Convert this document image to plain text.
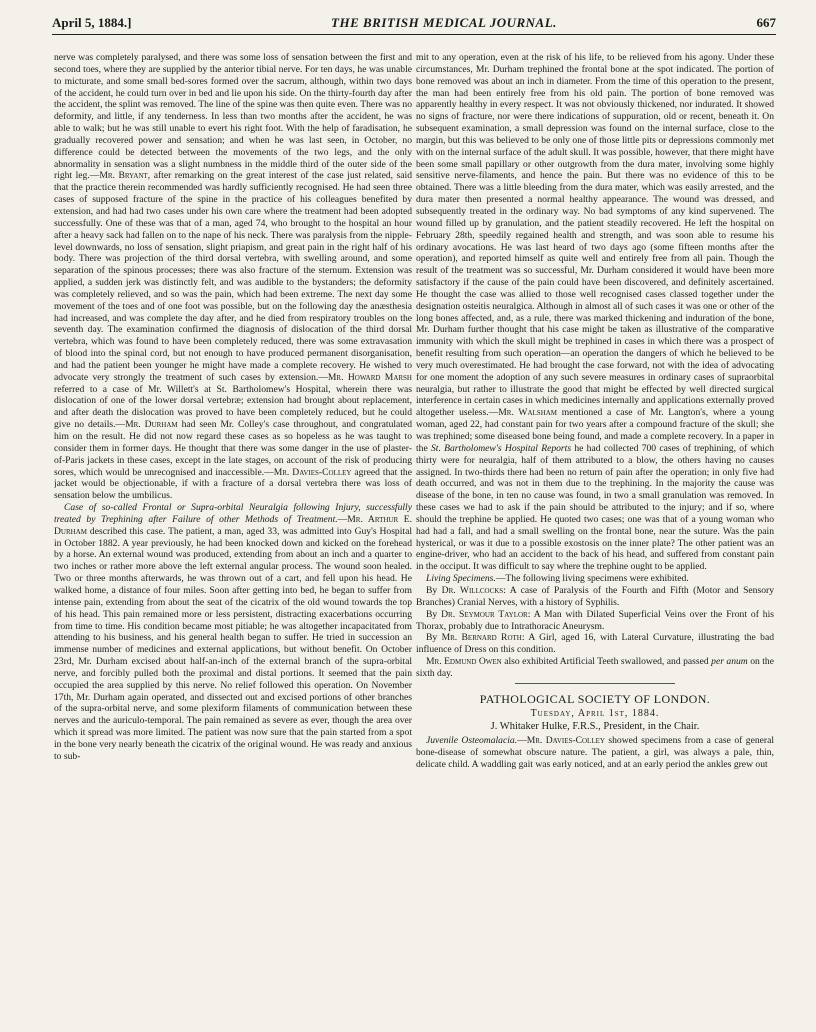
April 5, 1884.]	THE BRITISH MEDICAL JOURNAL.	667

nerve was completely paralysed, and there was some loss of sensation between the first and second toes, where they are supplied by the anterior tibial nerve. For ten days, he was unable to micturate, and some small bed-sores formed over the sacrum, although, within two days of the accident, he could turn over in bed and lie upon his side. On the thirty-fourth day after the accident, the splint was removed. The line of the spine was then quite even. There was no deformity, and little, if any tenderness. In less than two months after the accident, he was able to walk; but he was still unable to evert his right foot. With the help of faradisation, he gradually recovered power and sensation; and when he was last seen, in October, no difference could be detected between the movements of the two legs, and the only abnormality in sensation was a slight numbness in the middle third of the outer side of the right leg.—Mr. Bryant, after remarking on the great interest of the case just related, said that the practice therein recommended was hardly sufficiently recognised. He had seen three cases of supposed fracture of the spine in the practice of his colleagues benefited by extension, and had had two cases under his own care where the treatment had been adopted successfully. One of these was that of a man, aged 74, who brought to the hospital an hour after a heavy sack had fallen on to the nape of his neck. There was paralysis from the nipple-level downwards, no loss of sensation, slight priapism, and great pain in the right half of his body. There was projection of the third dorsal vertebra, with swelling around, and some separation of the spinous processes; there was also fracture of the sternum. Extension was applied, a sudden jerk was distinctly felt, and was audible to the bystanders; the deformity was completely relieved, and so was the pain, which had been extreme. The next day some movement of the toes and of one foot was possible, but on the following day the anæsthesia had increased, and was complete the day after, and he died from respiratory troubles on the seventh day. The examination confirmed the diagnosis of dislocation of the third dorsal vertebra, which was found to have been completely reduced, there was some extravasation of blood into the spinal cord, but not enough to have produced permanent disorganisation, and had the patient been younger he might have made a complete recovery. He wished to advocate very strongly the treatment of such cases by extension.—Mr. Howard Marsh referred to a case of Mr. Willett's at St. Bartholomew's Hospital, wherein there was dislocation of one of the lower dorsal vertebræ; extension had brought about replacement, and after death the dislocation was proved to have been completely reduced, but he could give no details.—Mr. Durham had seen Mr. Colley's case throughout, and congratulated him on the result. He did not now regard these cases as so hopeless as he was taught to consider them in former days. He thought that there was some danger in the use of plaster-of-Paris jackets in these cases, except in the late stages, on account of the risk of producing sores, which would be unrecognised and inaccessible.—Mr. Davies-Colley agreed that the jacket would be objectionable, if with a fracture of a dorsal vertebra there was loss of sensation below the umbilicus.

Case of so-called Frontal or Supra-orbital Neuralgia following Injury, successfully treated by Trephining after Failure of other Methods of Treatment.—Mr. Arthur E. Durham described this case. The patient, a man, aged 33, was admitted into Guy's Hospital in October 1882. A year previously, he had been knocked down and kicked on the forehead by a horse. An external wound was produced, extending from about an inch and a quarter to two inches or rather more above the left external angular process. The wound soon healed. Two or three months afterwards, he was thrown out of a cart, and fell upon his head. He walked home, a distance of four miles. Soon after getting into bed, he began to suffer from intense pain, extending from about the seat of the cicatrix of the old wound towards the top of his head. This pain remained more or less persistent, distracting exacerbations occurring from time to time. His condition became most pitiable; he was altogether incapacitated from attending to his business, and his general health began to suffer. He tried in succession an immense number of medicines and external applications, but without benefit. On October 23rd, Mr. Durham excised about half-an-inch of the external branch of the supra-orbital nerve, and forcibly pulled both the proximal and distal portions. It seemed that the pain occupied the area supplied by this nerve. No relief followed this operation. On November 17th, Mr. Durham again operated, and dissected out and excised portions of other branches of the supra-orbital nerve, and some plexiform filaments of communication between these nerves and the auriculo-temporal. The pain remained as severe as ever, though the area over which it spread was more limited. The patient was now sure that the pain started from a spot in the bone very nearly beneath the cicatrix of the original wound. He was ready and anxious to sub-

mit to any operation, even at the risk of his life, to be relieved from his agony. Under these circumstances, Mr. Durham trephined the frontal bone at the spot indicated. The portion of bone removed was about an inch in diameter. From the time of this operation to the present, the man had been entirely free from his old pain. The portion of bone removed was apparently healthy in every respect. It was not obviously thickened, nor indurated. It showed no signs of fracture, nor were there indications of suppuration, old or recent, beneath it. On subsequent examination, a small depression was found on the internal surface, close to the margin, but this was believed to be only one of those little pits or depressions commonly met with on the internal surface of the adult skull. It was possible, however, that there might have been some small papillary or other outgrowth from the dura mater, involving some highly sensitive nerve-filaments, and hence the pain. But there was no evidence of this to be obtained. There was a little bleeding from the dura mater, which was easily arrested, and the dura mater then presented a normal healthy appearance. The wound was dressed, and subsequently treated in the ordinary way. No bad symptoms of any kind supervened. The wound filled up by granulation, and the patient steadily recovered. He left the hospital on February 28th, speedily regained health and strength, and was soon able to resume his ordinary avocations. He was last heard of two days ago (some fifteen months after the operation), and reported himself as quite well and entirely free from all pain. Though the result of the treatment was so successful, Mr. Durham considered it would have been more satisfactory if the cause of the pain could have been discovered, and definitely ascertained. He thought the case was allied to those well recognised cases classed together under the designation osteitis neuralgica. Although in almost all of such cases it was one or other of the long bones affected, and, as a rule, there was marked thickening and induration of the bone, Mr. Durham further thought that his case might be taken as illustrative of the comparative immunity with which the skull might be trephined in cases in which there was a prospect of benefit resulting from such operation—an operation the dangers of which he believed to be very much overestimated. He had brought the case forward, not with the idea of advocating for one moment the adoption of any such severe measures in ordinary cases of supraorbital neuralgia, but rather to illustrate the good that might be effected by well directed surgical interference in certain cases in which medicines internally and applications externally proved altogether useless.—Mr. Walsham mentioned a case of Mr. Langton's, where a young woman, aged 22, had constant pain for two years after a compound fracture of the skull; she was trephined; some diseased bone being found, and made a complete recovery. In a paper in the St. Bartholomew's Hospital Reports he had collected 700 cases of trephining, of which thirty were for neuralgia, half of them attributed to a blow, the others having no causes assigned. In two-thirds there had been no return of pain after the operation; in only five had death occurred, and was not in them due to the trephining. In the majority the cause was disease of the bone, in ten no cause was found, in two a small granulation was removed. In these cases we had to ask if the pain should be attributed to the injury; and if so, where should the trephine be applied. He quoted two cases; one was that of a young woman who had had a fall, and had a small swelling on the frontal bone, near the suture. Was the pain hysterical, or was it due to a possible exostosis on the inner plate? The other patient was an engine-driver, who had an accident to the back of his head, and suffered from constant pain in the occiput. It was difficult to say where the trephine ought to be applied.

Living Specimens.—The following living specimens were exhibited.

By Dr. Willcocks: A case of Paralysis of the Fourth and Fifth (Motor and Sensory Branches) Cranial Nerves, with a history of Syphilis.

By Dr. Seymour Taylor: A Man with Dilated Superficial Veins over the Front of his Thorax, probably due to Intrathoracic Aneurysm.

By Mr. Bernard Roth: A Girl, aged 16, with Lateral Curvature, illustrating the bad influence of Dress on this condition.

Mr. Edmund Owen also exhibited Artificial Teeth swallowed, and passed per anum on the sixth day.

PATHOLOGICAL SOCIETY OF LONDON.

Tuesday, April 1st, 1884.

J. Whitaker Hulke, F.R.S., President, in the Chair.

Juvenile Osteomalacia.—Mr. Davies-Colley showed specimens from a case of general bone-disease of somewhat obscure nature. The patient, a girl, was always a pale, thin, delicate child. A waddling gait was early noticed, and at an early period the ankles grew out
